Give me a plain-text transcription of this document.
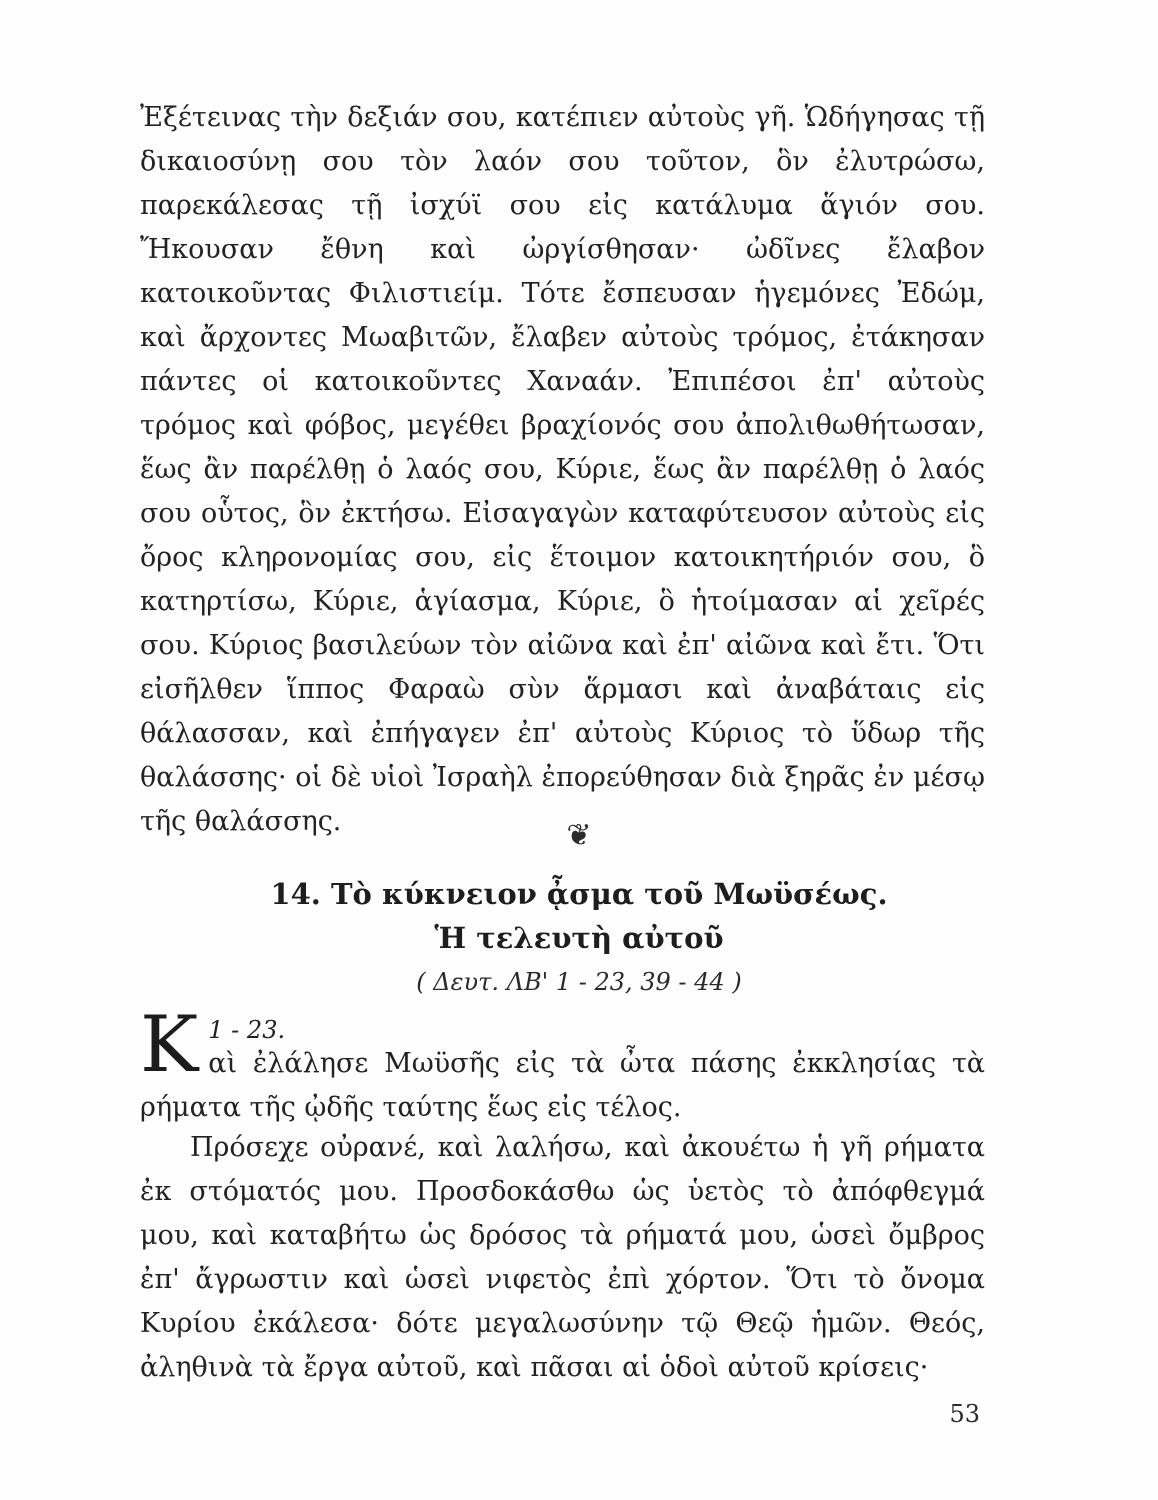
Ἐξέτεινας τὴν δεξιάν σου, κατέπιεν αὐτοὺς γῆ. Ὡδήγησας τῇ δικαιοσύνῃ σου τὸν λαόν σου τοῦτον, ὃν ἐλυτρώσω, παρεκάλεσας τῇ ἰσχύϊ σου εἰς κατάλυμα ἅγιόν σου. Ἤκουσαν ἔθνη καὶ ὠργίσθησαν· ὠδῖνες ἔλαβον κατοικοῦντας Φιλιστιείμ. Τότε ἔσπευσαν ἡγεμόνες Ἐδώμ, καὶ ἄρχοντες Μωαβιτῶν, ἔλαβεν αὐτοὺς τρόμος, ἐτάκησαν πάντες οἱ κατοικοῦντες Χαναάν. Ἐπιπέσοι ἐπ' αὐτοὺς τρόμος καὶ φόβος, μεγέθει βραχίονός σου ἀπολιθωθήτωσαν, ἕως ἂν παρέλθῃ ὁ λαός σου, Κύριε, ἕως ἂν παρέλθῃ ὁ λαός σου οὗτος, ὃν ἐκτήσω. Εἰσαγαγὼν καταφύτευσον αὐτοὺς εἰς ὄρος κληρονομίας σου, εἰς ἕτοιμον κατοικητήριόν σου, ὃ κατηρτίσω, Κύριε, ἁγίασμα, Κύριε, ὃ ἡτοίμασαν αἱ χεῖρές σου. Κύριος βασιλεύων τὸν αἰῶνα καὶ ἐπ' αἰῶνα καὶ ἔτι. Ὅτι εἰσῆλθεν ἵππος Φαραὼ σὺν ἅρμασι καὶ ἀναβάταις εἰς θάλασσαν, καὶ ἐπήγαγεν ἐπ' αὐτοὺς Κύριος τὸ ὕδωρ τῆς θαλάσσης· οἱ δὲ υἱοὶ Ἰσραὴλ ἐπορεύθησαν διὰ ξηρᾶς ἐν μέσῳ τῆς θαλάσσης.	❦
14. Τὸ κύκνειον ᾆσμα τοῦ Μωϋσέως.
Ἡ τελευτὴ αὐτοῦ
( Δευτ. ΛΒ' 1 - 23, 39 - 44 )
Κ 1 - 23.
αὶ ἐλάλησε Μωϋσῆς εἰς τὰ ὦτα πάσης ἐκκλησίας τὰ ρήματα τῆς ᾠδῆς ταύτης ἕως εἰς τέλος.
Πρόσεχε οὐρανέ, καὶ λαλήσω, καὶ ἀκουέτω ἡ γῆ ρήματα ἐκ στόματός μου. Προσδοκάσθω ὡς ὑετὸς τὸ ἀπόφθεγμά μου, καὶ καταβήτω ὡς δρόσος τὰ ρήματά μου, ὡσεὶ ὄμβρος ἐπ' ἄγρωστιν καὶ ὡσεὶ νιφετὸς ἐπὶ χόρτον. Ὅτι τὸ ὄνομα Κυρίου ἐκάλεσα· δότε μεγαλωσύνην τῷ Θεῷ ἡμῶν. Θεός, ἀληθινὰ τὰ ἔργα αὐτοῦ, καὶ πᾶσαι αἱ ὁδοὶ αὐτοῦ κρίσεις·
53
